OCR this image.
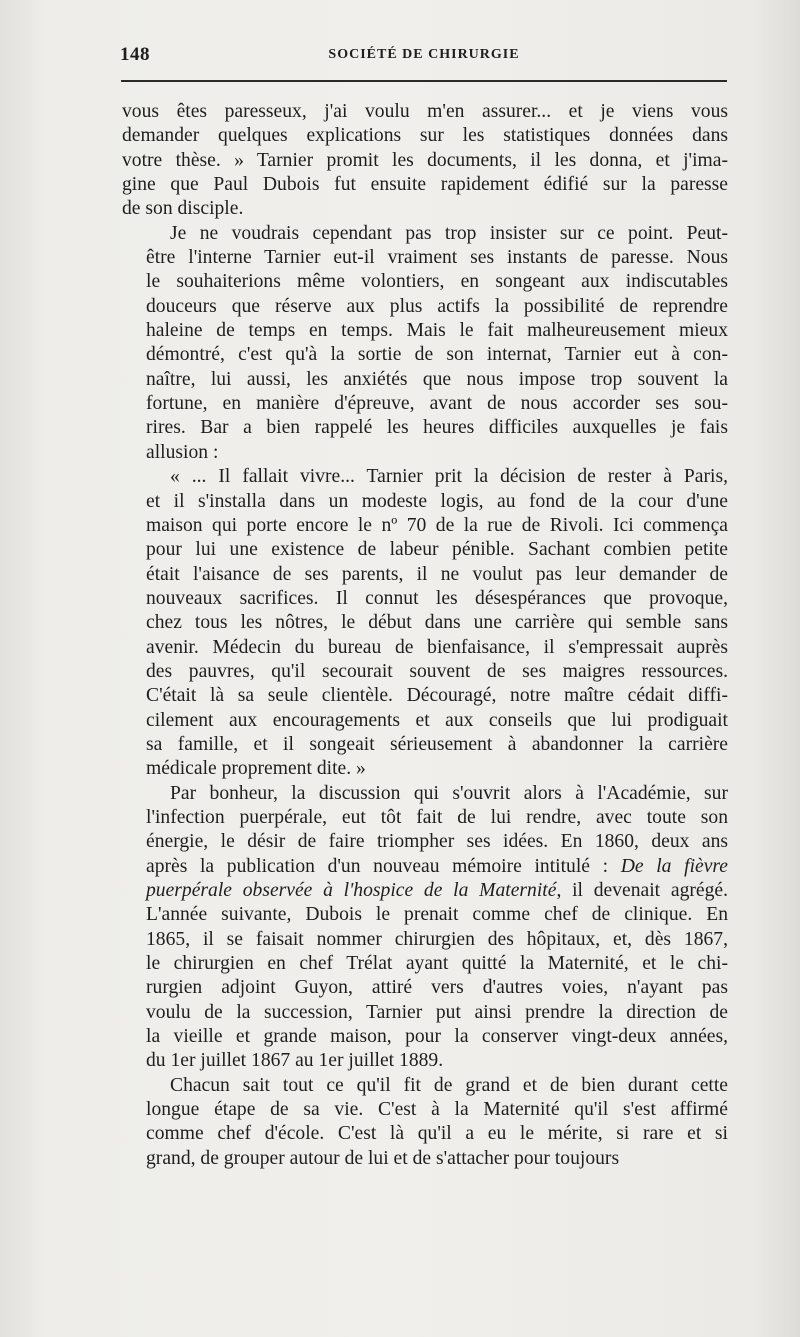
148	SOCIÉTÉ DE CHIRURGIE

vous êtes paresseux, j'ai voulu m'en assurer... et je viens vous
demander quelques explications sur les statistiques données dans
votre thèse. » Tarnier promit les documents, il les donna, et j'ima-
gine que Paul Dubois fut ensuite rapidement édifié sur la paresse
de son disciple.

Je ne voudrais cependant pas trop insister sur ce point. Peut-
être l'interne Tarnier eut-il vraiment ses instants de paresse. Nous
le souhaiterions même volontiers, en songeant aux indiscutables
douceurs que réserve aux plus actifs la possibilité de reprendre
haleine de temps en temps. Mais le fait malheureusement mieux
démontré, c'est qu'à la sortie de son internat, Tarnier eut à con-
naître, lui aussi, les anxiétés que nous impose trop souvent la
fortune, en manière d'épreuve, avant de nous accorder ses sou-
rires. Bar a bien rappelé les heures difficiles auxquelles je fais
allusion :

« ... Il fallait vivre... Tarnier prit la décision de rester à Paris,
et il s'installa dans un modeste logis, au fond de la cour d'une
maison qui porte encore le nº 70 de la rue de Rivoli. Ici commença
pour lui une existence de labeur pénible. Sachant combien petite
était l'aisance de ses parents, il ne voulut pas leur demander de
nouveaux sacrifices. Il connut les désespérances que provoque,
chez tous les nôtres, le début dans une carrière qui semble sans
avenir. Médecin du bureau de bienfaisance, il s'empressait auprès
des pauvres, qu'il secourait souvent de ses maigres ressources.
C'était là sa seule clientèle. Découragé, notre maître cédait diffi-
cilement aux encouragements et aux conseils que lui prodiguait
sa famille, et il songeait sérieusement à abandonner la carrière
médicale proprement dite. »

Par bonheur, la discussion qui s'ouvrit alors à l'Académie, sur
l'infection puerpérale, eut tôt fait de lui rendre, avec toute son
énergie, le désir de faire triompher ses idées. En 1860, deux ans
après la publication d'un nouveau mémoire intitulé : De la fièvre
puerpérale observée à l'hospice de la Maternité, il devenait agrégé.
L'année suivante, Dubois le prenait comme chef de clinique. En
1865, il se faisait nommer chirurgien des hôpitaux, et, dès 1867,
le chirurgien en chef Trélat ayant quitté la Maternité, et le chi-
rurgien adjoint Guyon, attiré vers d'autres voies, n'ayant pas
voulu de la succession, Tarnier put ainsi prendre la direction de
la vieille et grande maison, pour la conserver vingt-deux années,
du 1er juillet 1867 au 1er juillet 1889.

Chacun sait tout ce qu'il fit de grand et de bien durant cette
longue étape de sa vie. C'est à la Maternité qu'il s'est affirmé
comme chef d'école. C'est là qu'il a eu le mérite, si rare et si
grand, de grouper autour de lui et de s'attacher pour toujours
